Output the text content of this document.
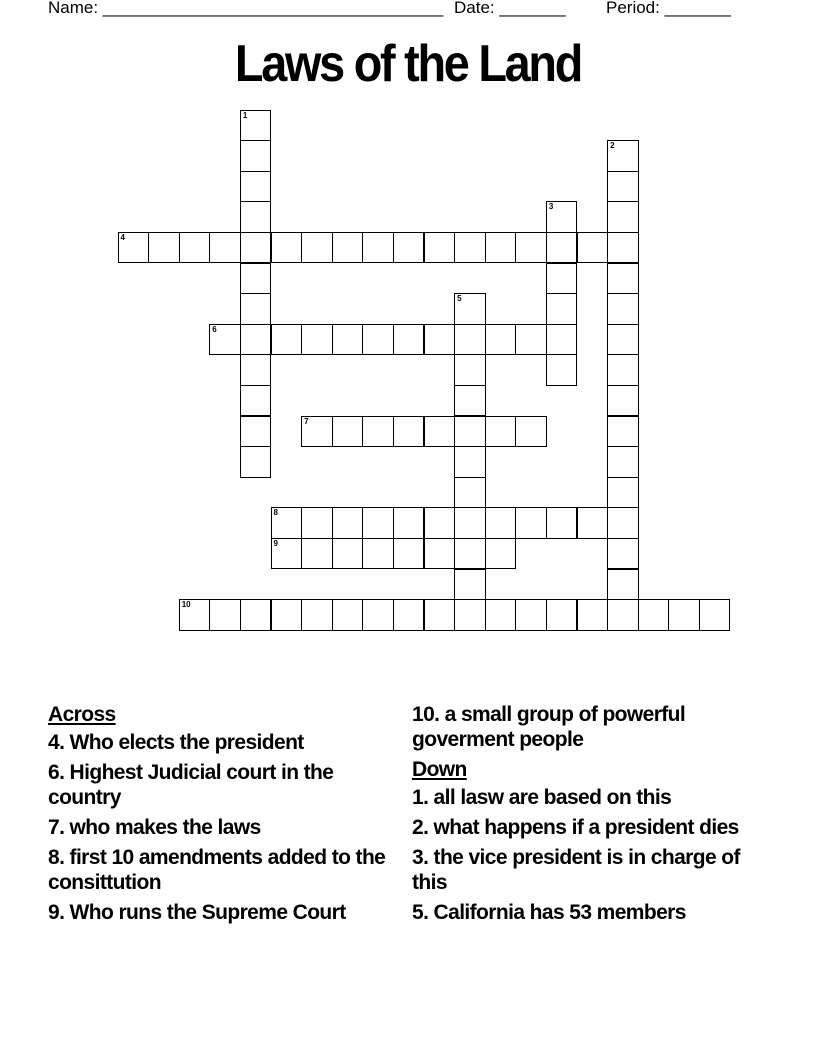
Name: ____________________________________ Date: _______ Period: _______
Laws of the Land
1
2
3
4
5
6
7
8
9
10
Across
4. Who elects the president
6. Highest Judicial court in the country
7. who makes the laws
8. first 10 amendments added to the consittution
9. Who runs the Supreme Court
10. a small group of powerful goverment people
Down
1. all lasw are based on this
2. what happens if a president dies
3. the vice president is in charge of this
5. California has 53 members
